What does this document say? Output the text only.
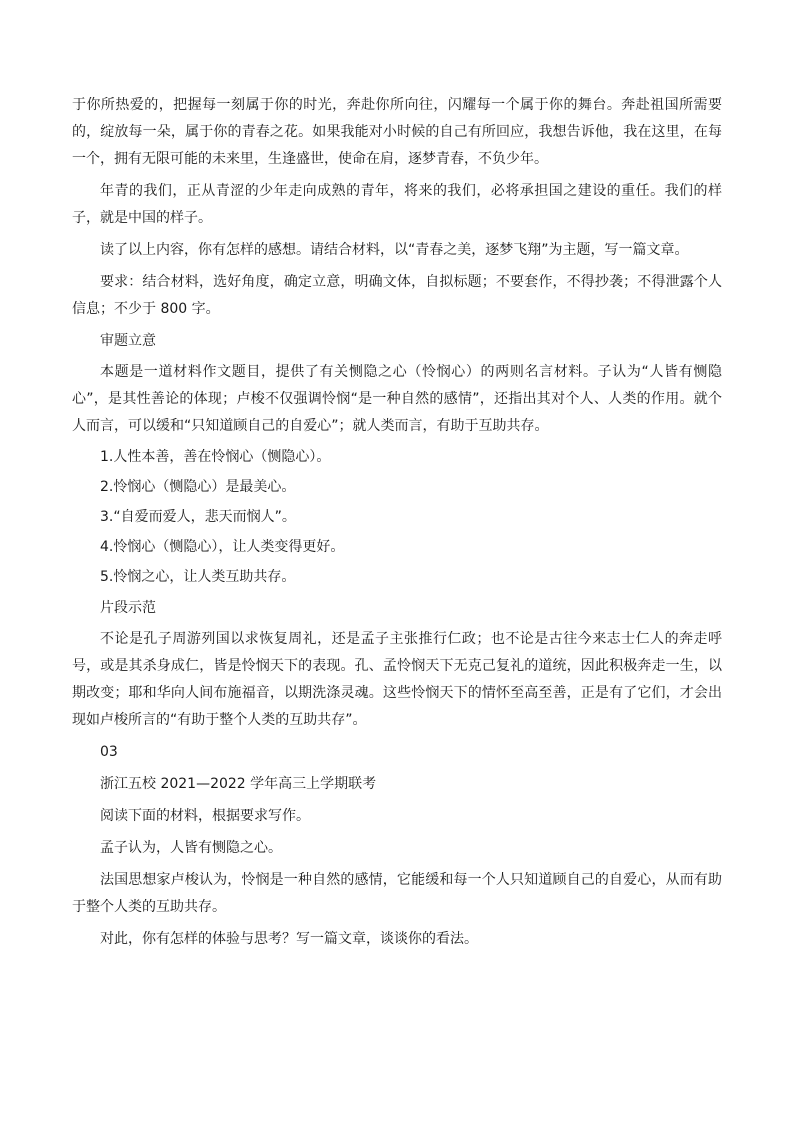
于你所热爱的，把握每一刻属于你的时光，奔赴你所向往，闪耀每一个属于你的舞台。奔赴祖国所需要的，绽放每一朵，属于你的青春之花。如果我能对小时候的自己有所回应，我想告诉他，我在这里，在每一个，拥有无限可能的未来里，生逢盛世，使命在肩，逐梦青春，不负少年。

年青的我们，正从青涩的少年走向成熟的青年，将来的我们，必将承担国之建设的重任。我们的样子，就是中国的样子。

读了以上内容，你有怎样的感想。请结合材料，以“青春之美，逐梦飞翔”为主题，写一篇文章。

要求：结合材料，选好角度，确定立意，明确文体，自拟标题；不要套作，不得抄袭；不得泄露个人信息；不少于 800 字。

审题立意

本题是一道材料作文题目，提供了有关恻隐之心（怜悯心）的两则名言材料。子认为“人皆有恻隐心”，是其性善论的体现；卢梭不仅强调怜悯“是一种自然的感情”，还指出其对个人、人类的作用。就个人而言，可以缓和“只知道顾自己的自爱心”；就人类而言，有助于互助共存。

1.人性本善，善在怜悯心（恻隐心）。

2.怜悯心（恻隐心）是最美心。

3.“自爱而爱人，悲天而悯人”。

4.怜悯心（恻隐心），让人类变得更好。

5.怜悯之心，让人类互助共存。

片段示范

不论是孔子周游列国以求恢复周礼，还是孟子主张推行仁政；也不论是古往今来志士仁人的奔走呼号，或是其杀身成仁，皆是怜悯天下的表现。孔、孟怜悯天下无克己复礼的道统，因此积极奔走一生，以期改变；耶和华向人间布施福音，以期洗涤灵魂。这些怜悯天下的情怀至高至善，正是有了它们，才会出现如卢梭所言的“有助于整个人类的互助共存”。

03

浙江五校 2021—2022 学年高三上学期联考

阅读下面的材料，根据要求写作。

孟子认为，人皆有恻隐之心。

法国思想家卢梭认为，怜悯是一种自然的感情，它能缓和每一个人只知道顾自己的自爱心，从而有助于整个人类的互助共存。

对此，你有怎样的体验与思考？写一篇文章，谈谈你的看法。
